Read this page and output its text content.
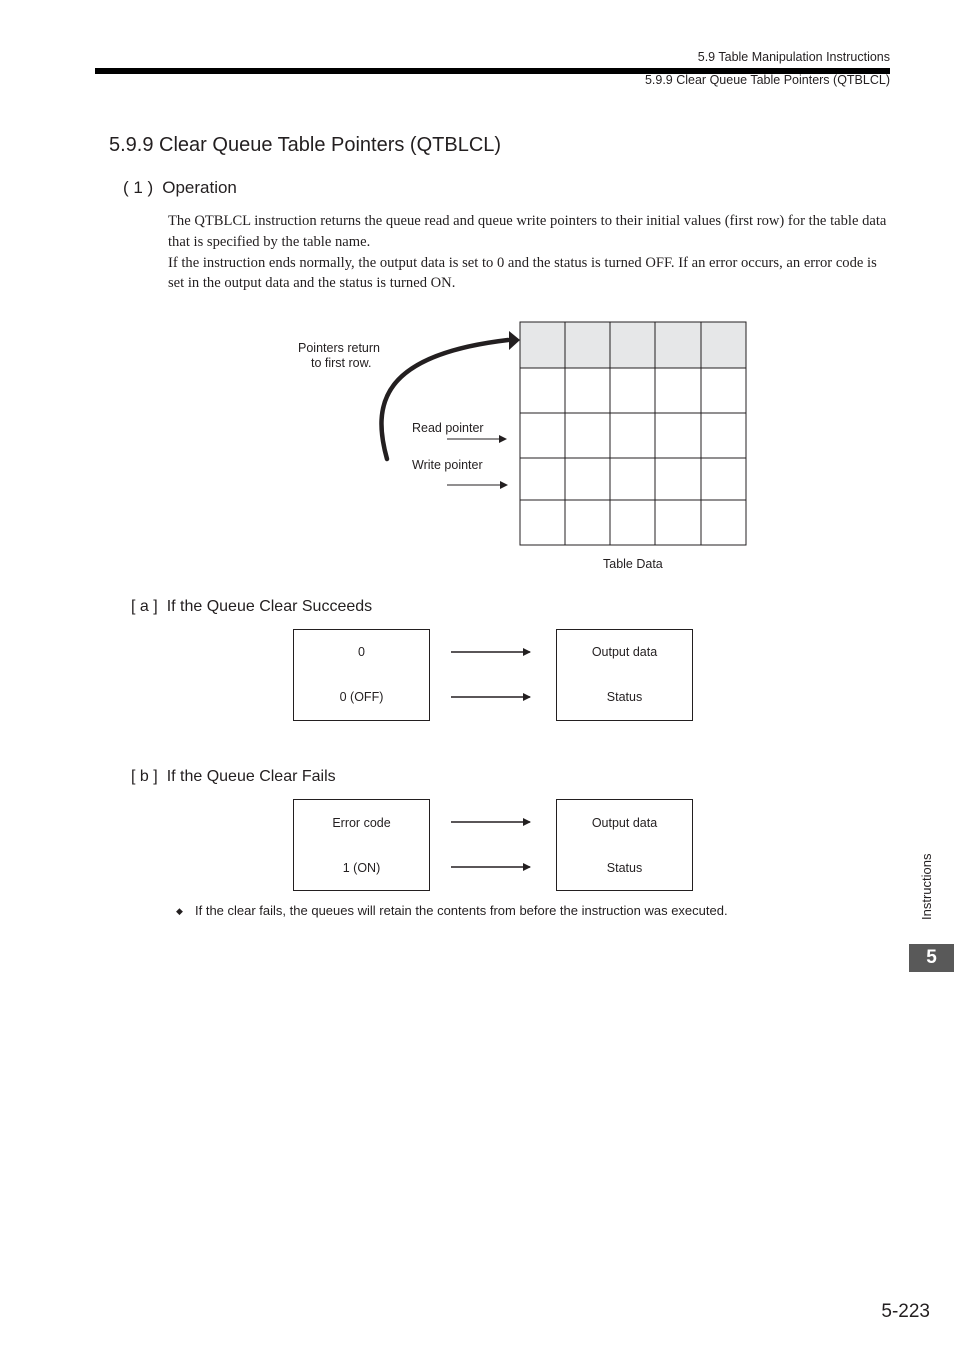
5.9 Table Manipulation Instructions
5.9.9 Clear Queue Table Pointers (QTBLCL)
5.9.9 Clear Queue Table Pointers (QTBLCL)
( 1 ) Operation

The QTBLCL instruction returns the queue read and queue write pointers to their initial values (first row) for the table data that is specified by the table name.

If the instruction ends normally, the output data is set to 0 and the status is turned OFF. If an error occurs, an error code is set in the output data and the status is turned ON.

Pointers return
to first row.
Read pointer
Write pointer
Table Data
[ a ] If the Queue Clear Succeeds
0
0 (OFF)
Output data
Status
[ b ] If the Queue Clear Fails
Error code
1 (ON)
Output data
Status
◆ If the clear fails, the queues will retain the contents from before the instruction was executed.	Instructions
5
5-223
